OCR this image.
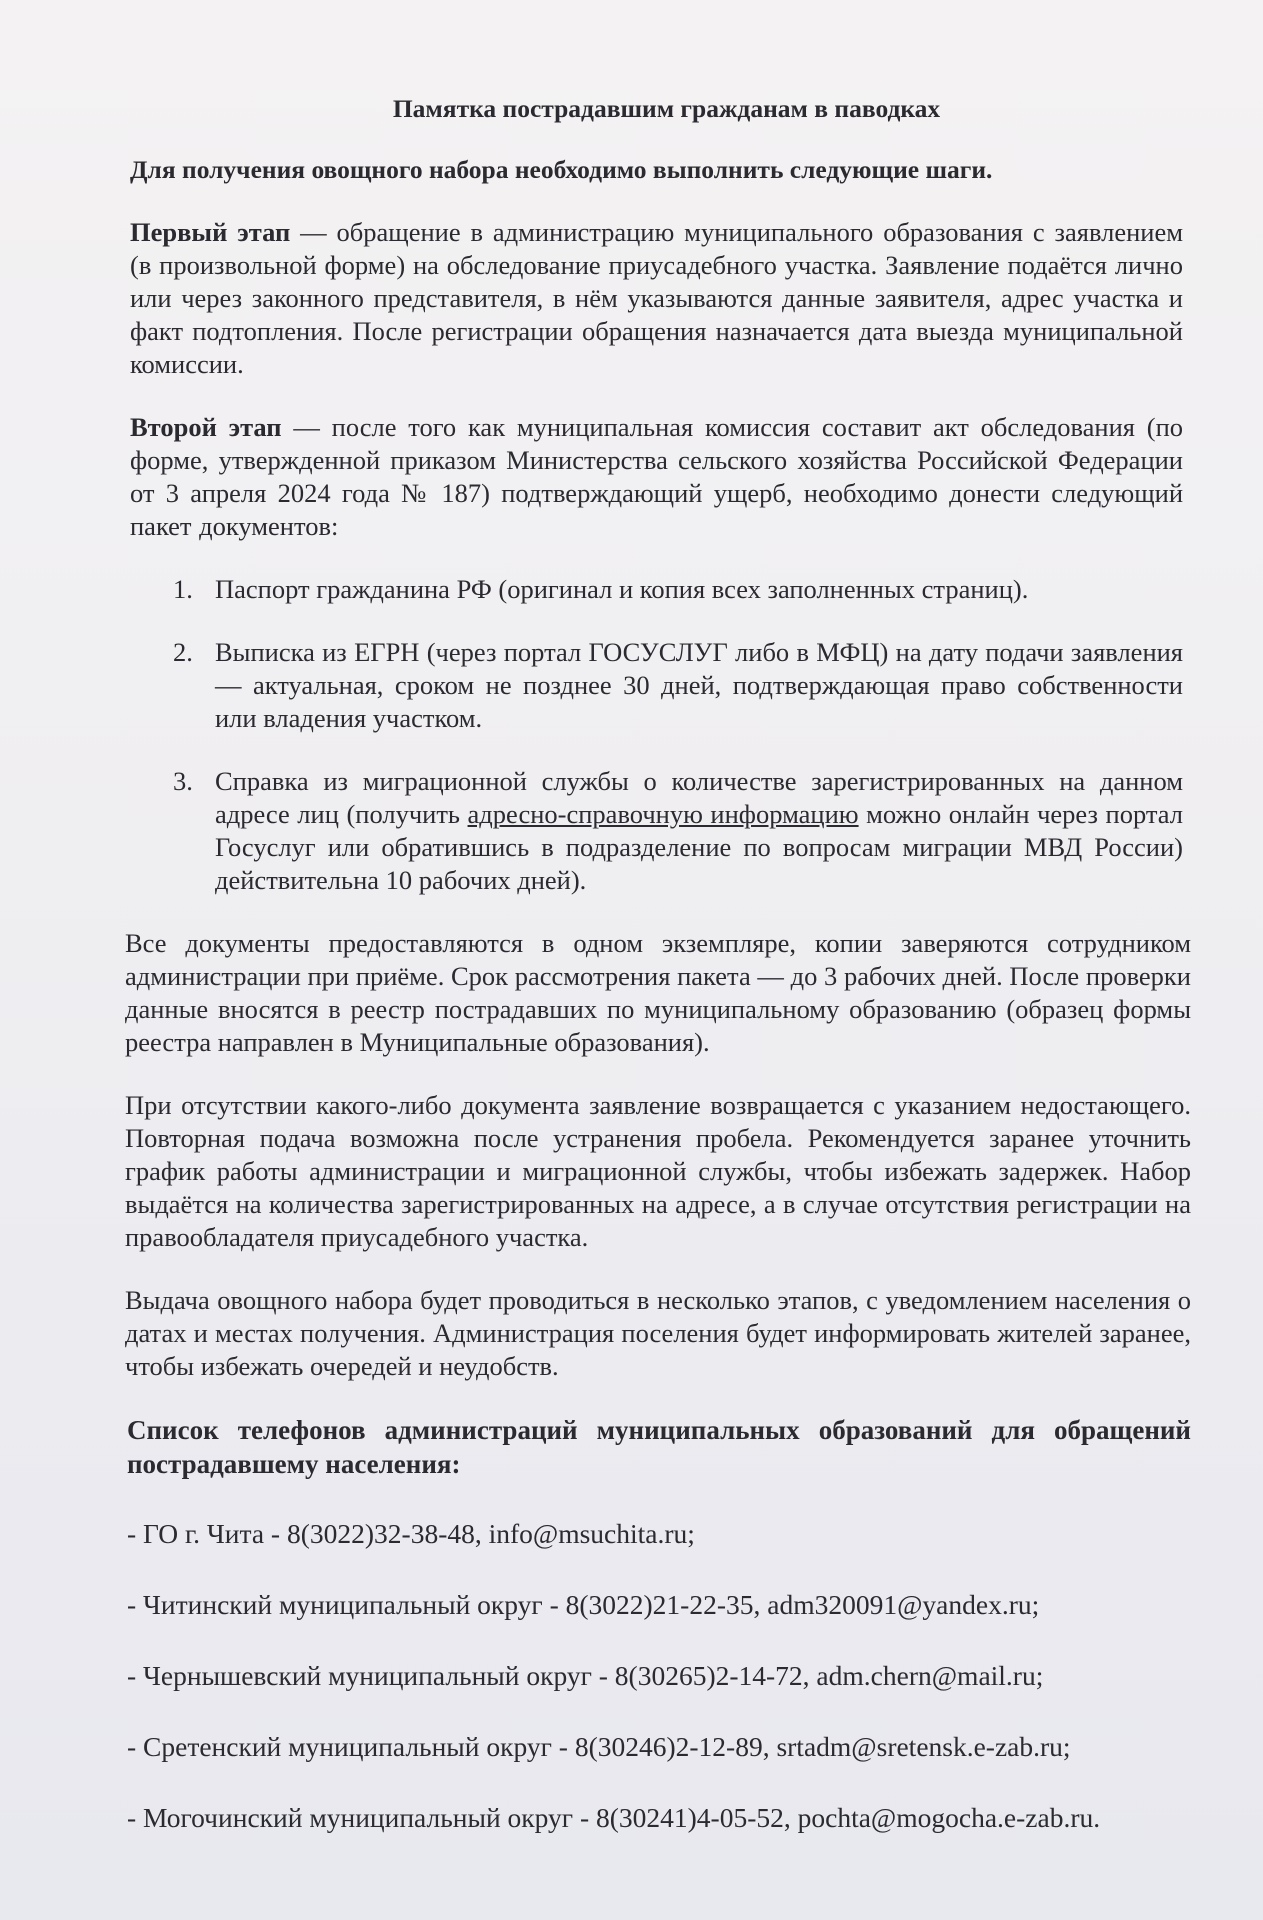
Памятка пострадавшим гражданам в паводках
Для получения овощного набора необходимо выполнить следующие шаги.

Первый этап — обращение в администрацию муниципального образования с заявлением (в произвольной форме) на обследование приусадебного участка. Заявление подаётся лично или через законного представителя, в нём указываются данные заявителя, адрес участка и факт подтопления. После регистрации обращения назначается дата выезда муниципальной комиссии.

Второй этап — после того как муниципальная комиссия составит акт обследования (по форме, утвержденной приказом Министерства сельского хозяйства Российской Федерации от 3 апреля 2024 года № 187) подтверждающий ущерб, необходимо донести следующий пакет документов:

1. Паспорт гражданина РФ (оригинал и копия всех заполненных страниц).
2. Выписка из ЕГРН (через портал ГОСУСЛУГ либо в МФЦ) на дату подачи заявления — актуальная, сроком не позднее 30 дней, подтверждающая право собственности или владения участком.
3. Справка из миграционной службы о количестве зарегистрированных на данном адресе лиц (получить адресно-справочную информацию можно онлайн через портал Госуслуг или обратившись в подразделение по вопросам миграции МВД России) действительна 10 рабочих дней).

Все документы предоставляются в одном экземпляре, копии заверяются сотрудником администрации при приёме. Срок рассмотрения пакета — до 3 рабочих дней. После проверки данные вносятся в реестр пострадавших по муниципальному образованию (образец формы реестра направлен в Муниципальные образования).

При отсутствии какого-либо документа заявление возвращается с указанием недостающего. Повторная подача возможна после устранения пробела. Рекомендуется заранее уточнить график работы администрации и миграционной службы, чтобы избежать задержек. Набор выдаётся на количества зарегистрированных на адресе, а в случае отсутствия регистрации на правообладателя приусадебного участка.

Выдача овощного набора будет проводиться в несколько этапов, с уведомлением населения о датах и местах получения. Администрация поселения будет информировать жителей заранее, чтобы избежать очередей и неудобств.

Список телефонов администраций муниципальных образований для обращений пострадавшему населения:
- ГО г. Чита - 8(3022)32-38-48, info@msuchita.ru;
- Читинский муниципальный округ - 8(3022)21-22-35, adm320091@yandex.ru;
- Чернышевский муниципальный округ - 8(30265)2-14-72, adm.chern@mail.ru;
- Сретенский муниципальный округ - 8(30246)2-12-89, srtadm@sretensk.e-zab.ru;
- Могочинский муниципальный округ - 8(30241)4-05-52, pochta@mogocha.e-zab.ru.
